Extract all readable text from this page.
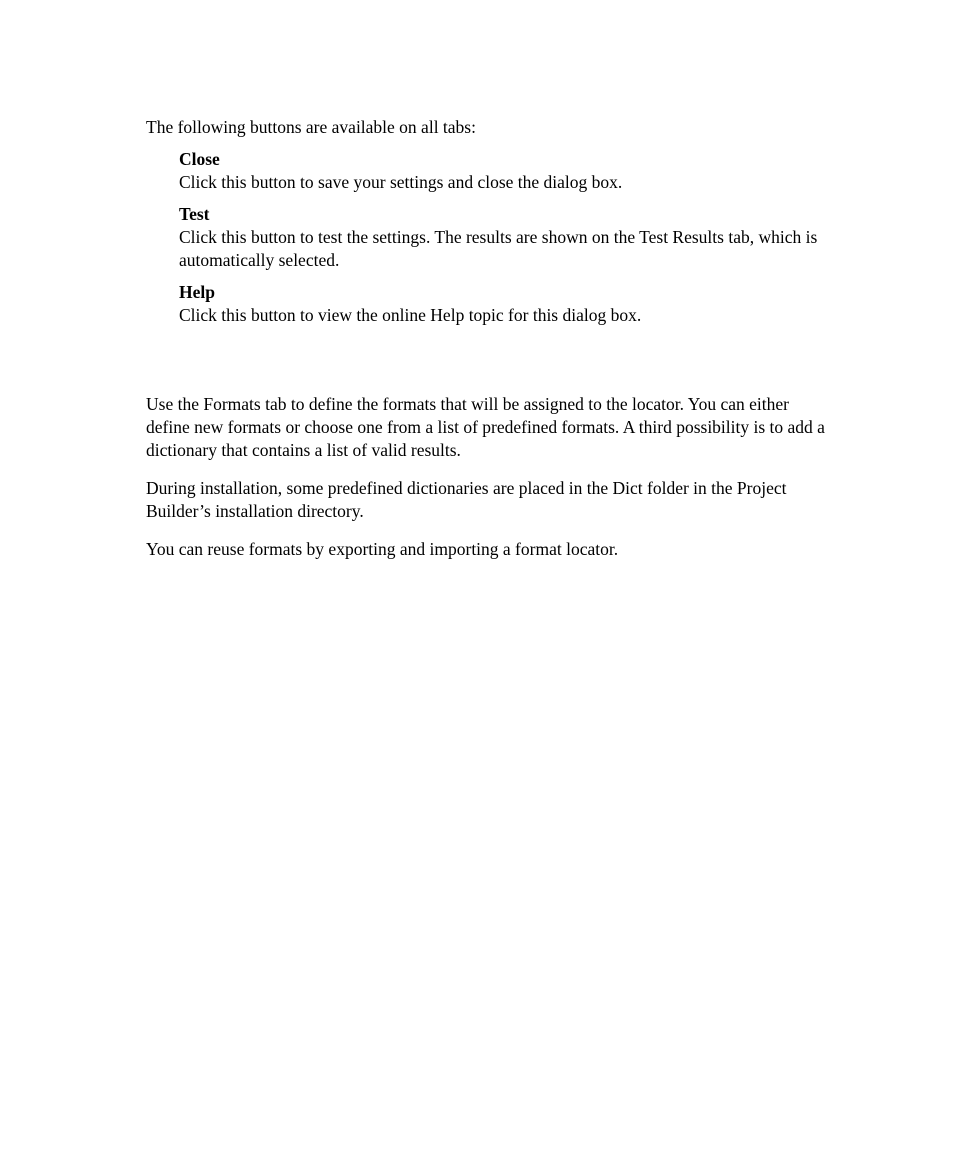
The following buttons are available on all tabs:

Close

Click this button to save your settings and close the dialog box.

Test

Click this button to test the settings. The results are shown on the Test Results tab, which is automatically selected.

Help

Click this button to view the online Help topic for this dialog box.

Use the Formats tab to define the formats that will be assigned to the locator. You can either define new formats or choose one from a list of predefined formats. A third possibility is to add a dictionary that contains a list of valid results.

During installation, some predefined dictionaries are placed in the Dict folder in the Project Builder’s installation directory.

You can reuse formats by exporting and importing a format locator.
